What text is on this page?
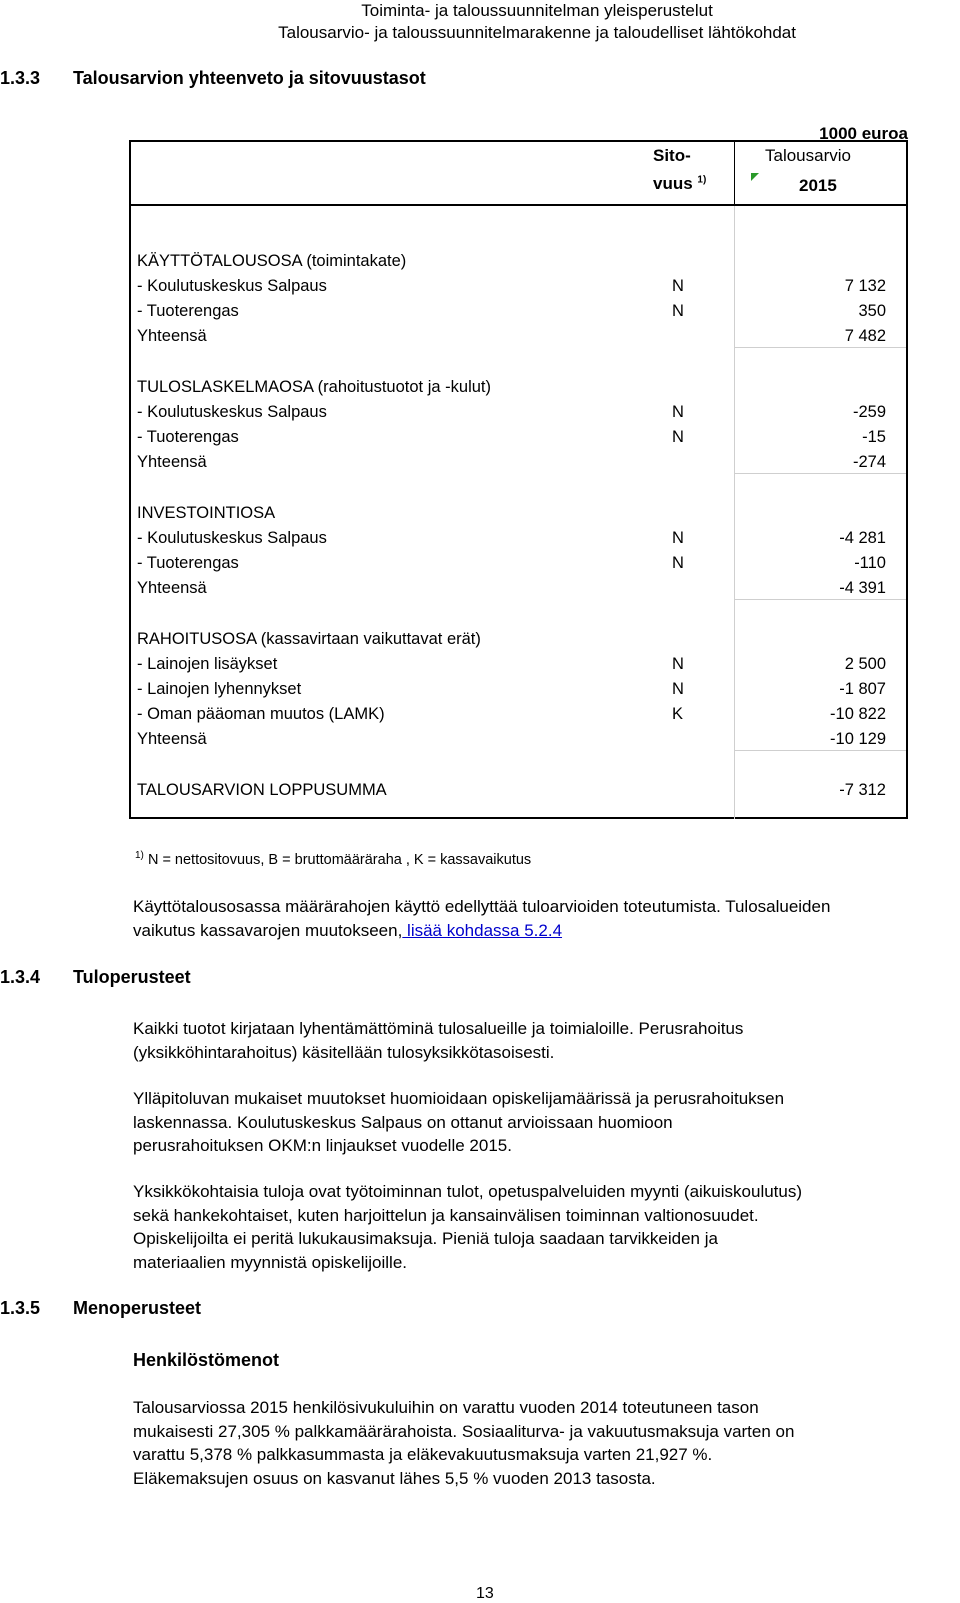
Toiminta- ja taloussuunnitelman yleisperustelut
Talousarvio- ja taloussuunnitelmarakenne ja taloudelliset lähtökohdat
1.3.3 Talousarvion yhteenveto ja sitovuustasot
1000 euroa
Sito-
vuus $^{1)}$
Talousarvio
2015
KÄYTTÖTALOUSOSA (toimintakate)
- Koulutuskeskus Salpaus	N	7 132
- Tuoterengas	N	350
Yhteensä	7 482
TULOSLASKELMAOSA (rahoitustuotot ja -kulut)
- Koulutuskeskus Salpaus	N	-259
- Tuoterengas	N	-15
Yhteensä	-274
INVESTOINTIOSA
- Koulutuskeskus Salpaus	N	-4 281
- Tuoterengas	N	-110
Yhteensä	-4 391
RAHOITUSOSA (kassavirtaan vaikuttavat erät)
- Lainojen lisäykset	N	2 500
- Lainojen lyhennykset	N	-1 807
- Oman pääoman muutos (LAMK)	K	-10 822
Yhteensä	-10 129
TALOUSARVION LOPPUSUMMA	-7 312
$^{1)}$ N = nettositovuus, B = bruttomääräraha , K = kassavaikutus
Käyttötalousosassa määrärahojen käyttö edellyttää tuloarvioiden toteutumista. Tulosalueiden
vaikutus kassavarojen muutokseen, lisää kohdassa 5.2.4
1.3.4 Tuloperusteet
Kaikki tuotot kirjataan lyhentämättöminä tulosalueille ja toimialoille. Perusrahoitus
(yksikköhintarahoitus) käsitellään tulosyksikkötasoisesti.
Ylläpitoluvan mukaiset muutokset huomioidaan opiskelijamäärissä ja perusrahoituksen
laskennassa. Koulutuskeskus Salpaus on ottanut arvioissaan huomioon
perusrahoituksen OKM:n linjaukset vuodelle 2015.
Yksikkökohtaisia tuloja ovat työtoiminnan tulot, opetuspalveluiden myynti (aikuiskoulutus)
sekä hankekohtaiset, kuten harjoittelun ja kansainvälisen toiminnan valtionosuudet.
Opiskelijoilta ei peritä lukukausimaksuja. Pieniä tuloja saadaan tarvikkeiden ja
materiaalien myynnistä opiskelijoille.
1.3.5 Menoperusteet
Henkilöstömenot
Talousarviossa 2015 henkilösivukuluihin on varattu vuoden 2014 toteutuneen tason
mukaisesti 27,305 % palkkamäärärahoista. Sosiaaliturva- ja vakuutusmaksuja varten on
varattu 5,378 % palkkasummasta ja eläkevakuutusmaksuja varten 21,927 %.
Eläkemaksujen osuus on kasvanut lähes 5,5 % vuoden 2013 tasosta.
13
